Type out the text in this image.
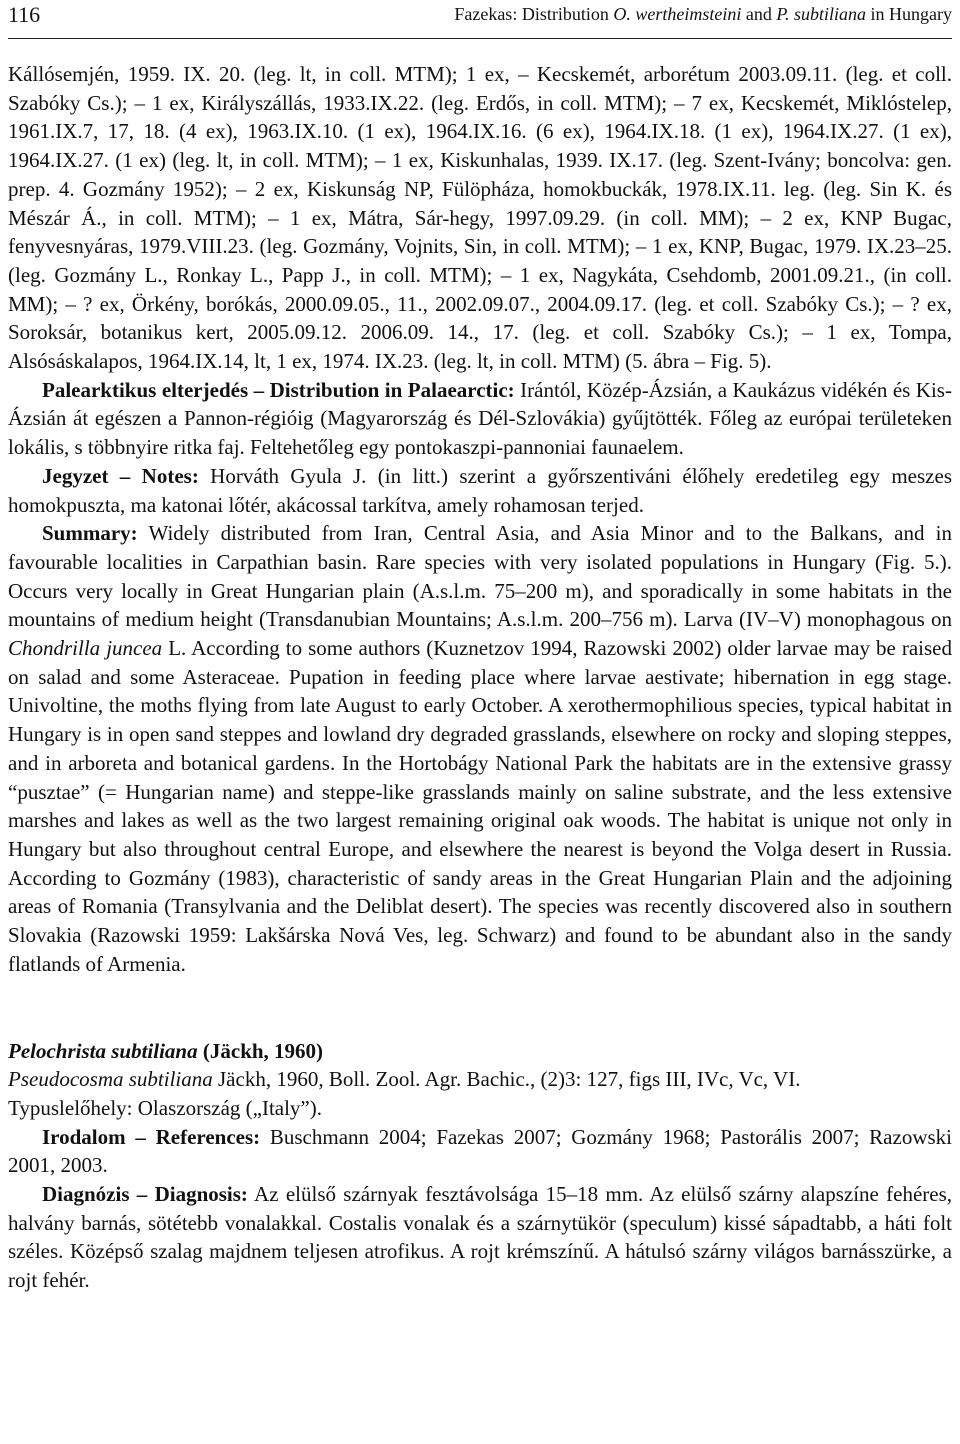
116	Fazekas: Distribution O. wertheimsteini and P. subtiliana in Hungary

Kállósemjén, 1959. IX. 20. (leg. lt, in coll. MTM); 1 ex, – Kecskemét, arborétum 2003.09.11. (leg. et coll. Szabóky Cs.); – 1 ex, Királyszállás, 1933.IX.22. (leg. Erdős, in coll. MTM); – 7 ex, Kecskemét, Miklóstelep, 1961.IX.7, 17, 18. (4 ex), 1963.IX.10. (1 ex), 1964.IX.16. (6 ex), 1964.IX.18. (1 ex), 1964.IX.27. (1 ex), 1964.IX.27. (1 ex) (leg. lt, in coll. MTM); – 1 ex, Kiskunhalas, 1939. IX.17. (leg. Szent-Ivány; boncolva: gen. prep. 4. Gozmány 1952); – 2 ex, Kiskunság NP, Fülöpháza, homokbuckák, 1978.IX.11. leg. (leg. Sin K. és Mészár Á., in coll. MTM); – 1 ex, Mátra, Sár-hegy, 1997.09.29. (in coll. MM); – 2 ex, KNP Bugac, fenyvesnyáras, 1979.VIII.23. (leg. Gozmány, Vojnits, Sin, in coll. MTM); – 1 ex, KNP, Bugac, 1979. IX.23–25. (leg. Gozmány L., Ronkay L., Papp J., in coll. MTM); – 1 ex, Nagykáta, Csehdomb, 2001.09.21., (in coll. MM); – ? ex, Örkény, borókás, 2000.09.05., 11., 2002.09.07., 2004.09.17. (leg. et coll. Szabóky Cs.); – ? ex, Soroksár, botanikus kert, 2005.09.12. 2006.09. 14., 17. (leg. et coll. Szabóky Cs.); – 1 ex, Tompa, Alsósáskalapos, 1964.IX.14, lt, 1 ex, 1974. IX.23. (leg. lt, in coll. MTM) (5. ábra – Fig. 5).

Palearktikus elterjedés – Distribution in Palaearctic: Irántól, Közép-Ázsián, a Kaukázus vidékén és Kis-Ázsián át egészen a Pannon-régióig (Magyarország és Dél-Szlovákia) gyűjtötték. Főleg az európai területeken lokális, s többnyire ritka faj. Feltehetőleg egy pontokaszpi-pannoniai faunaelem.

Jegyzet – Notes: Horváth Gyula J. (in litt.) szerint a győrszentiváni élőhely eredetileg egy meszes homokpuszta, ma katonai lőtér, akácossal tarkítva, amely rohamosan terjed.

Summary: Widely distributed from Iran, Central Asia, and Asia Minor and to the Balkans, and in favourable localities in Carpathian basin. Rare species with very isolated populations in Hungary (Fig. 5.). Occurs very locally in Great Hungarian plain (A.s.l.m. 75–200 m), and sporadically in some habitats in the mountains of medium height (Transdanubian Mountains; A.s.l.m. 200–756 m). Larva (IV–V) monophagous on Chondrilla juncea L. According to some authors (Kuznetzov 1994, Razowski 2002) older larvae may be raised on salad and some Asteraceae. Pupation in feeding place where larvae aestivate; hibernation in egg stage. Univoltine, the moths flying from late August to early October. A xerothermophilious species, typical habitat in Hungary is in open sand steppes and lowland dry degraded grasslands, elsewhere on rocky and sloping steppes, and in arboreta and botanical gardens. In the Hortobágy National Park the habitats are in the extensive grassy “pusztae” (= Hungarian name) and steppe-like grasslands mainly on saline substrate, and the less extensive marshes and lakes as well as the two largest remaining original oak woods. The habitat is unique not only in Hungary but also throughout central Europe, and elsewhere the nearest is beyond the Volga desert in Russia. According to Gozmány (1983), characteristic of sandy areas in the Great Hungarian Plain and the adjoining areas of Romania (Transylvania and the Deliblat desert). The species was recently discovered also in southern Slovakia (Razowski 1959: Lakšárska Nová Ves, leg. Schwarz) and found to be abundant also in the sandy flatlands of Armenia.

Pelochrista subtiliana (Jäckh, 1960)

Pseudocosma subtiliana Jäckh, 1960, Boll. Zool. Agr. Bachic., (2)3: 127, figs III, IVc, Vc, VI.

Typuslelőhely: Olaszország („Italy”).

Irodalom – References: Buschmann 2004; Fazekas 2007; Gozmány 1968; Pastorális 2007; Razowski 2001, 2003.

Diagnózis – Diagnosis: Az elülső szárnyak fesztávolsága 15–18 mm. Az elülső szárny alapszíne fehéres, halvány barnás, sötétebb vonalakkal. Costalis vonalak és a szárnytükör (speculum) kissé sápadtabb, a háti folt széles. Középső szalag majdnem teljesen atrofikus. A rojt krémszínű. A hátulsó szárny világos barnásszürke, a rojt fehér.
